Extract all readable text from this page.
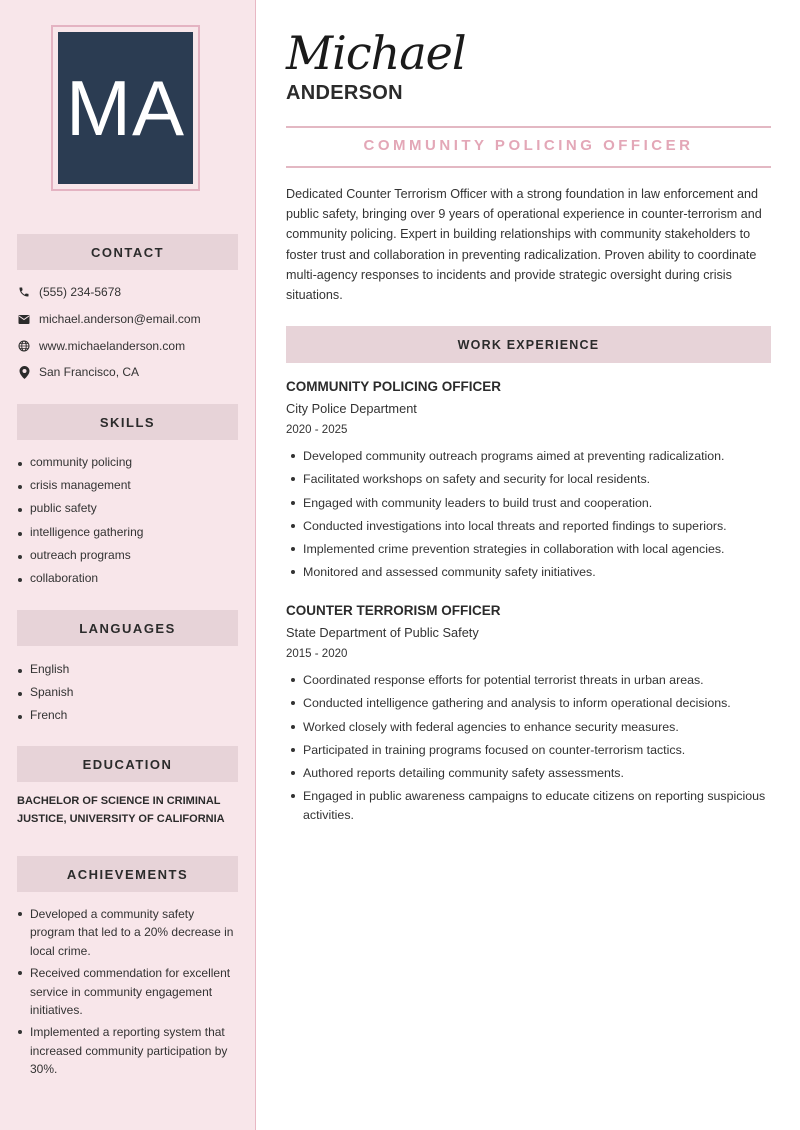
MA
CONTACT
(555) 234-5678
michael.anderson@email.com
www.michaelanderson.com
San Francisco, CA
SKILLS
community policing
crisis management
public safety
intelligence gathering
outreach programs
collaboration
LANGUAGES
English
Spanish
French
EDUCATION
BACHELOR OF SCIENCE IN CRIMINAL JUSTICE, UNIVERSITY OF CALIFORNIA
ACHIEVEMENTS
Developed a community safety program that led to a 20% decrease in local crime.
Received commendation for excellent service in community engagement initiatives.
Implemented a reporting system that increased community participation by 30%.
Michael
ANDERSON
COMMUNITY POLICING OFFICER

Dedicated Counter Terrorism Officer with a strong foundation in law enforcement and public safety, bringing over 9 years of operational experience in counter-terrorism and community policing. Expert in building relationships with community stakeholders to foster trust and collaboration in preventing radicalization. Proven ability to coordinate multi-agency responses to incidents and provide strategic oversight during crisis situations.

WORK EXPERIENCE
COMMUNITY POLICING OFFICER
City Police Department
2020 - 2025
Developed community outreach programs aimed at preventing radicalization.
Facilitated workshops on safety and security for local residents.
Engaged with community leaders to build trust and cooperation.
Conducted investigations into local threats and reported findings to superiors.
Implemented crime prevention strategies in collaboration with local agencies.
Monitored and assessed community safety initiatives.
COUNTER TERRORISM OFFICER
State Department of Public Safety
2015 - 2020
Coordinated response efforts for potential terrorist threats in urban areas.
Conducted intelligence gathering and analysis to inform operational decisions.
Worked closely with federal agencies to enhance security measures.
Participated in training programs focused on counter-terrorism tactics.
Authored reports detailing community safety assessments.
Engaged in public awareness campaigns to educate citizens on reporting suspicious activities.
